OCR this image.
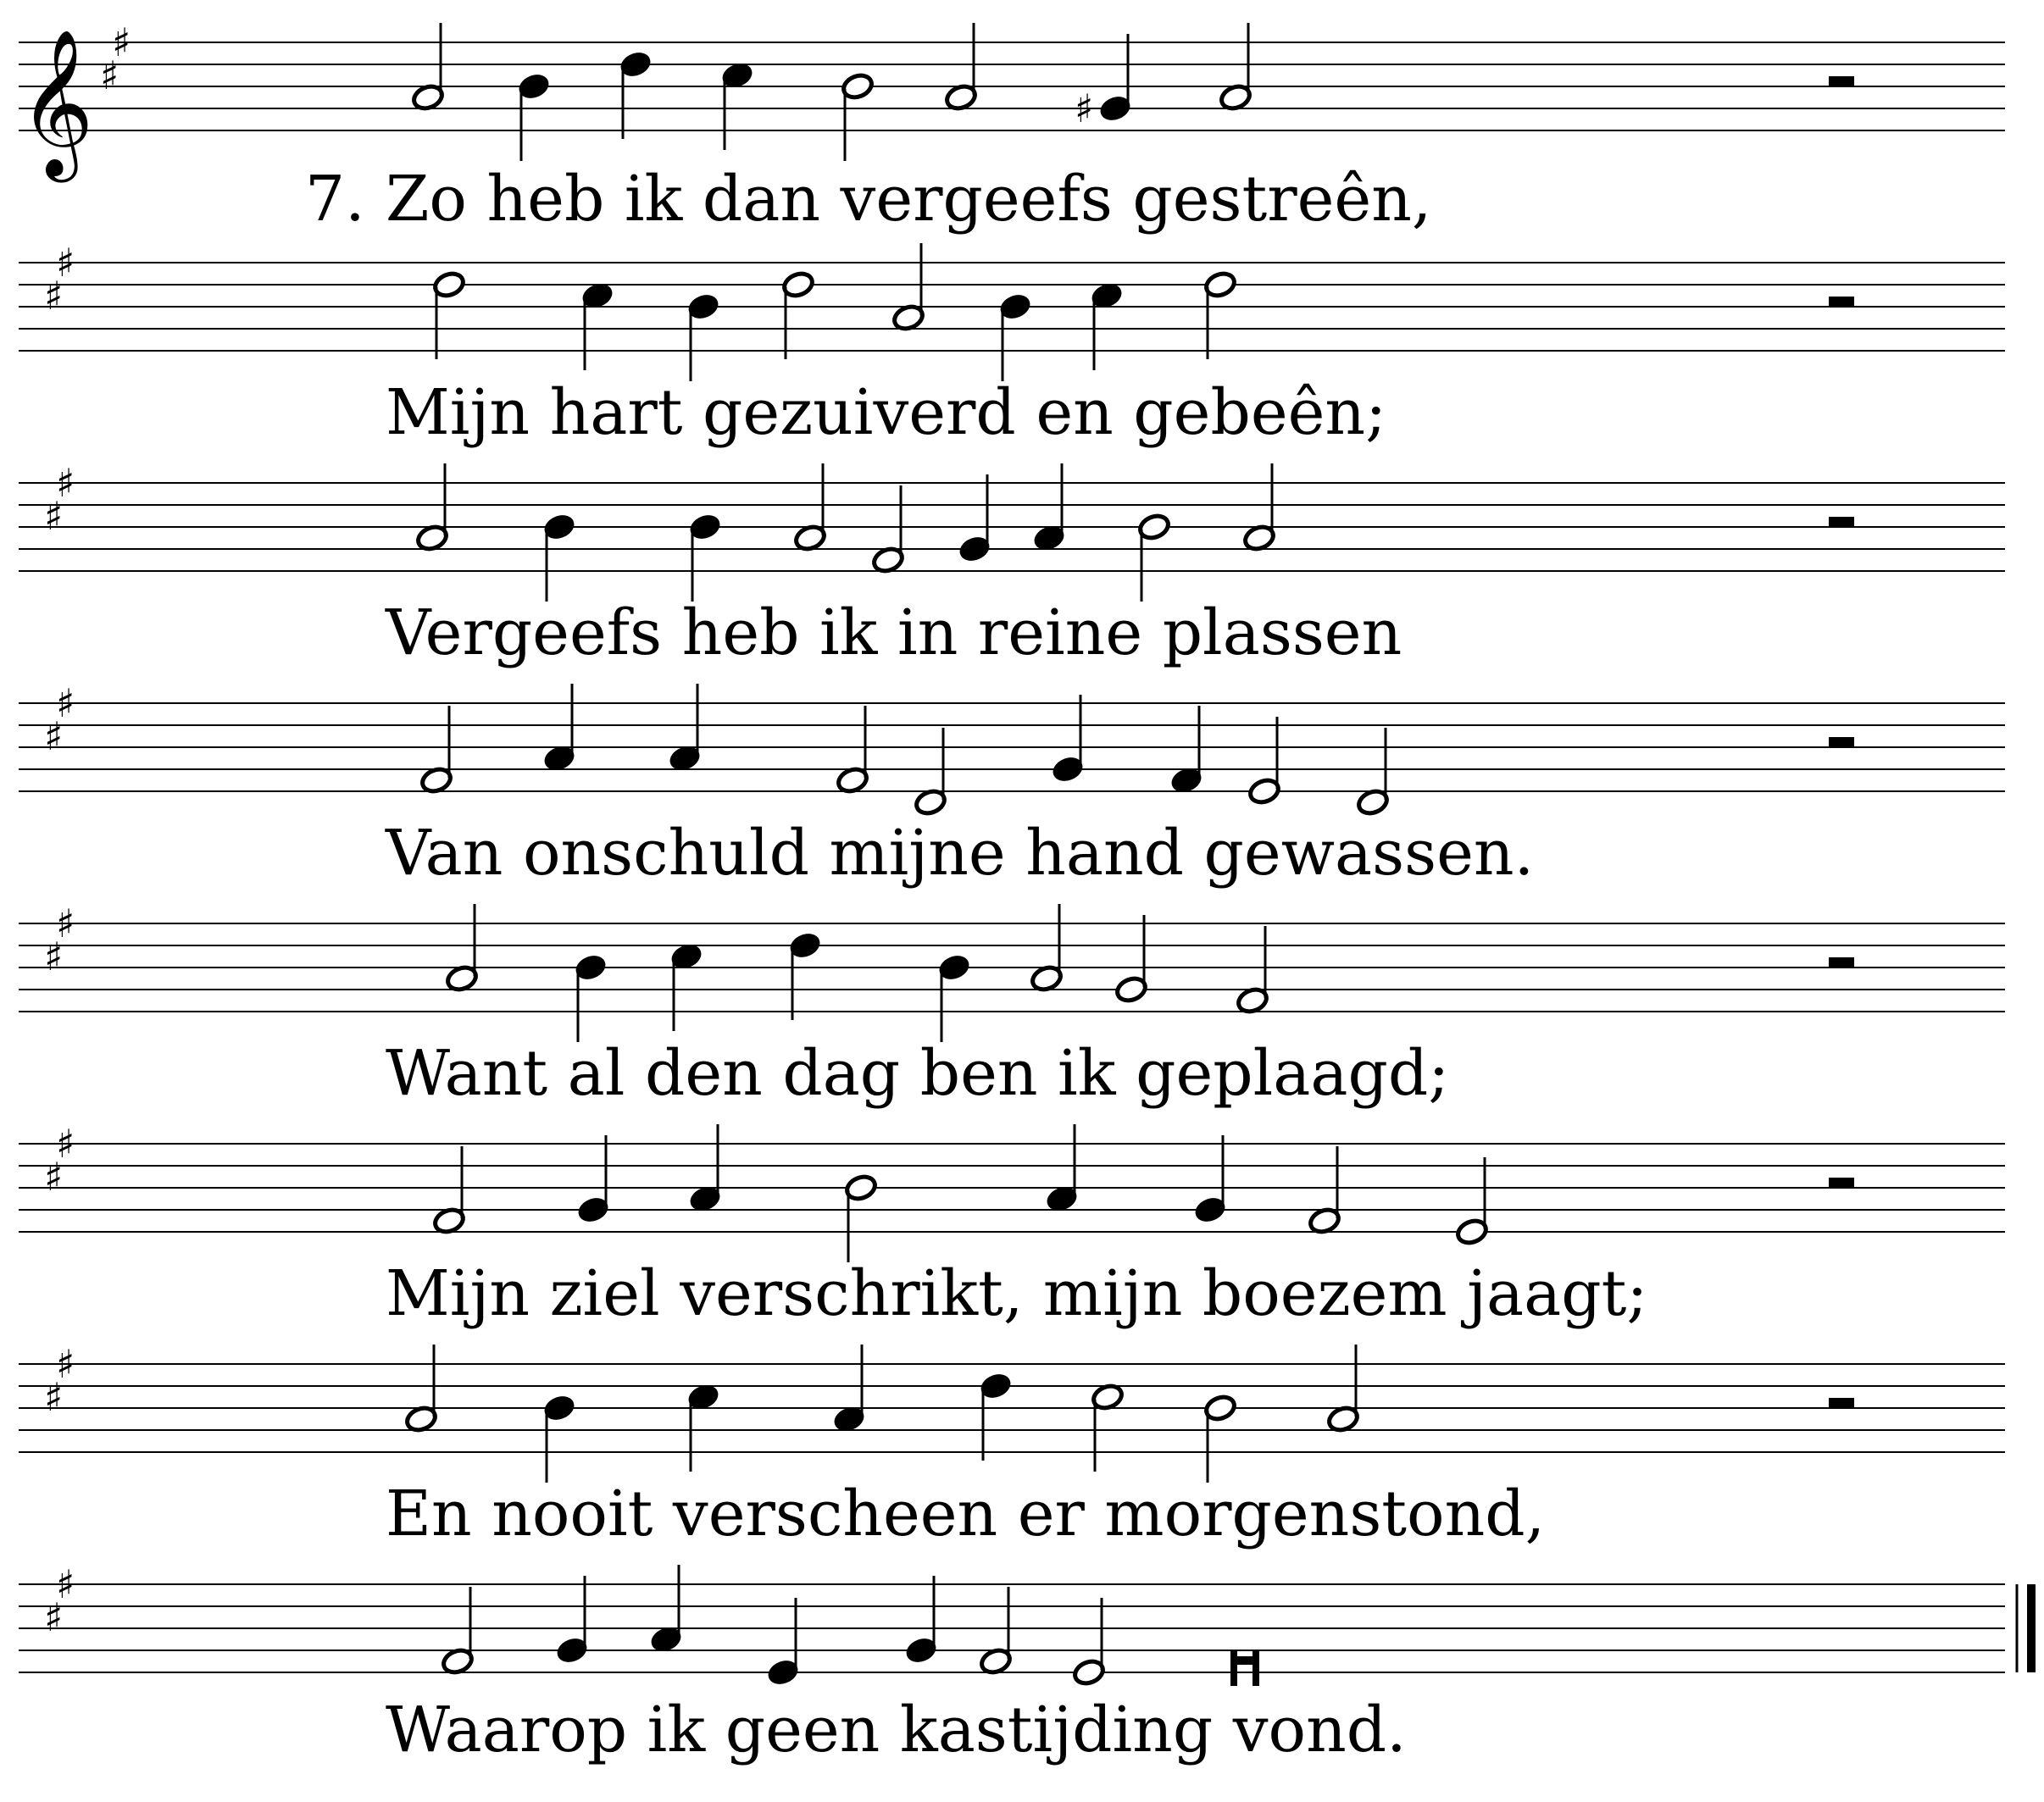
𝄞 ♯
♯
♯
♯
♯
♯
♯
♯
♯
♯
♯
♯
♯
♯
♯
♯
♯
7. Zo heb ik dan vergeefs gestreên,
Mijn hart gezuiverd en gebeên;
Vergeefs heb ik in reine plassen
Van onschuld mijne hand gewassen.
Want al den dag ben ik geplaagd;
Mijn ziel verschrikt, mijn boezem jaagt;
En nooit verscheen er morgenstond,
Waarop ik geen kastijding vond.
